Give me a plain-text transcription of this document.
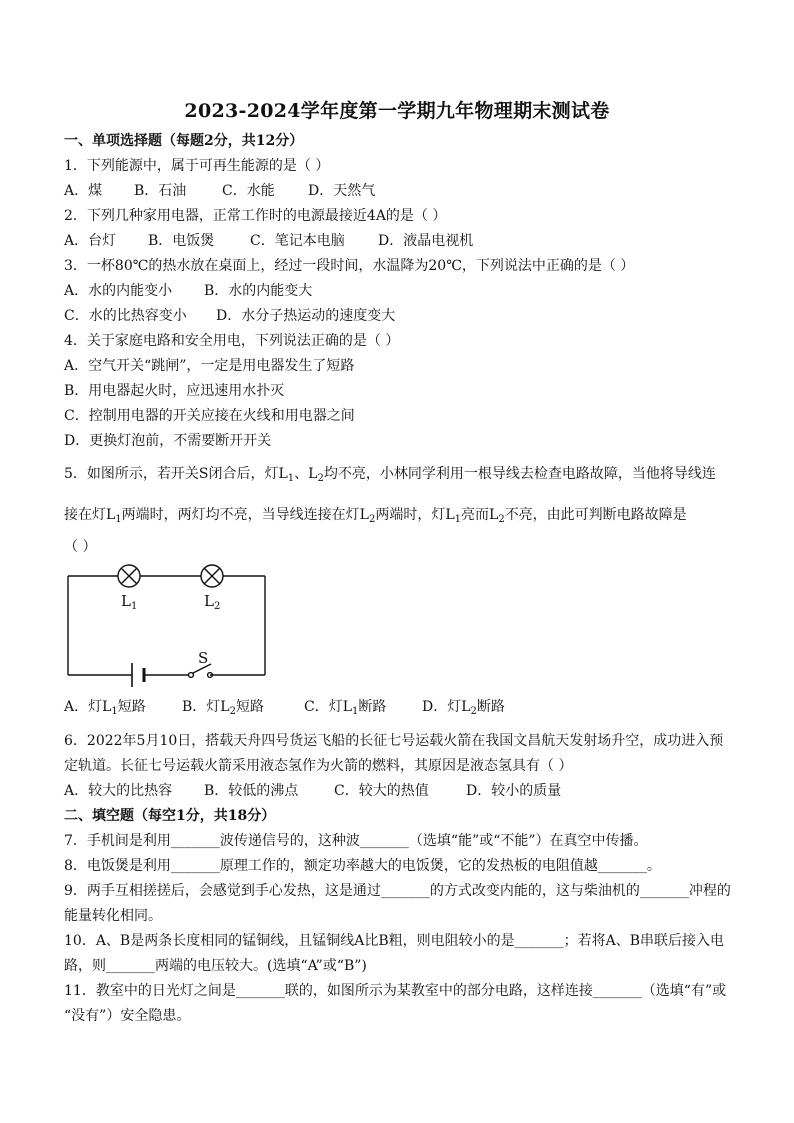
2023-2024学年度第一学期九年物理期末测试卷
一、单项选择题（每题2分，共12分）
1．下列能源中，属于可再生能源的是（ ）
A．煤 B．石油	C．水能 D．天然气
2．下列几种家用电器，正常工作时的电源最接近4A的是（ ）
A．台灯 B．电饭煲	C．笔记本电脑 D．液晶电视机
3．一杯80℃的热水放在桌面上，经过一段时间，水温降为20℃，下列说法中正确的是（ ）
A．水的内能变小 B．水的内能变大
C．水的比热容变小 D．水分子热运动的速度变大
4．关于家庭电路和安全用电，下列说法正确的是（ ）
A．空气开关“跳闸”，一定是用电器发生了短路
B．用电器起火时，应迅速用水扑灭
C．控制用电器的开关应接在火线和用电器之间
D．更换灯泡前，不需要断开开关
5．如图所示，若开关S闭合后，灯$L_1$、$L_2$均不亮，小林同学利用一根导线去检查电路故障，当他将导线连
接在灯$L_1$两端时，两灯均不亮，当导线连接在灯$L_2$两端时，灯$L_1$亮而$L_2$不亮，由此可判断电路故障是
（ ）
$L_1$	$L_2$
S
A．灯$L_1$短路	B．灯$L_2$短路	C．灯$L_1$断路	D．灯$L_2$断路
6．2022年5月10日，搭载天舟四号货运飞船的长征七号运载火箭在我国文昌航天发射场升空，成功进入预
定轨道。长征七号运载火箭采用液态氢作为火箭的燃料，其原因是液态氢具有（ ）
A．较大的比热容 B．较低的沸点	C．较大的热值	D．较小的质量
二、填空题（每空1分，共18分）
7．手机间是利用_______波传递信号的，这种波_______（选填“能”或“不能”）在真空中传播。
8．电饭煲是利用_______原理工作的，额定功率越大的电饭煲，它的发热板的电阻值越_______。
9．两手互相搓搓后，会感觉到手心发热，这是通过_______的方式改变内能的，这与柴油机的_______冲程的
能量转化相同。
10．A、B是两条长度相同的锰铜线，且锰铜线A比B粗，则电阻较小的是_______；若将A、B串联后接入电
路，则_______两端的电压较大。(选填“A”或“B”)
11．教室中的日光灯之间是_______联的，如图所示为某教室中的部分电路，这样连接_______（选填“有”或
“没有”）安全隐患。
